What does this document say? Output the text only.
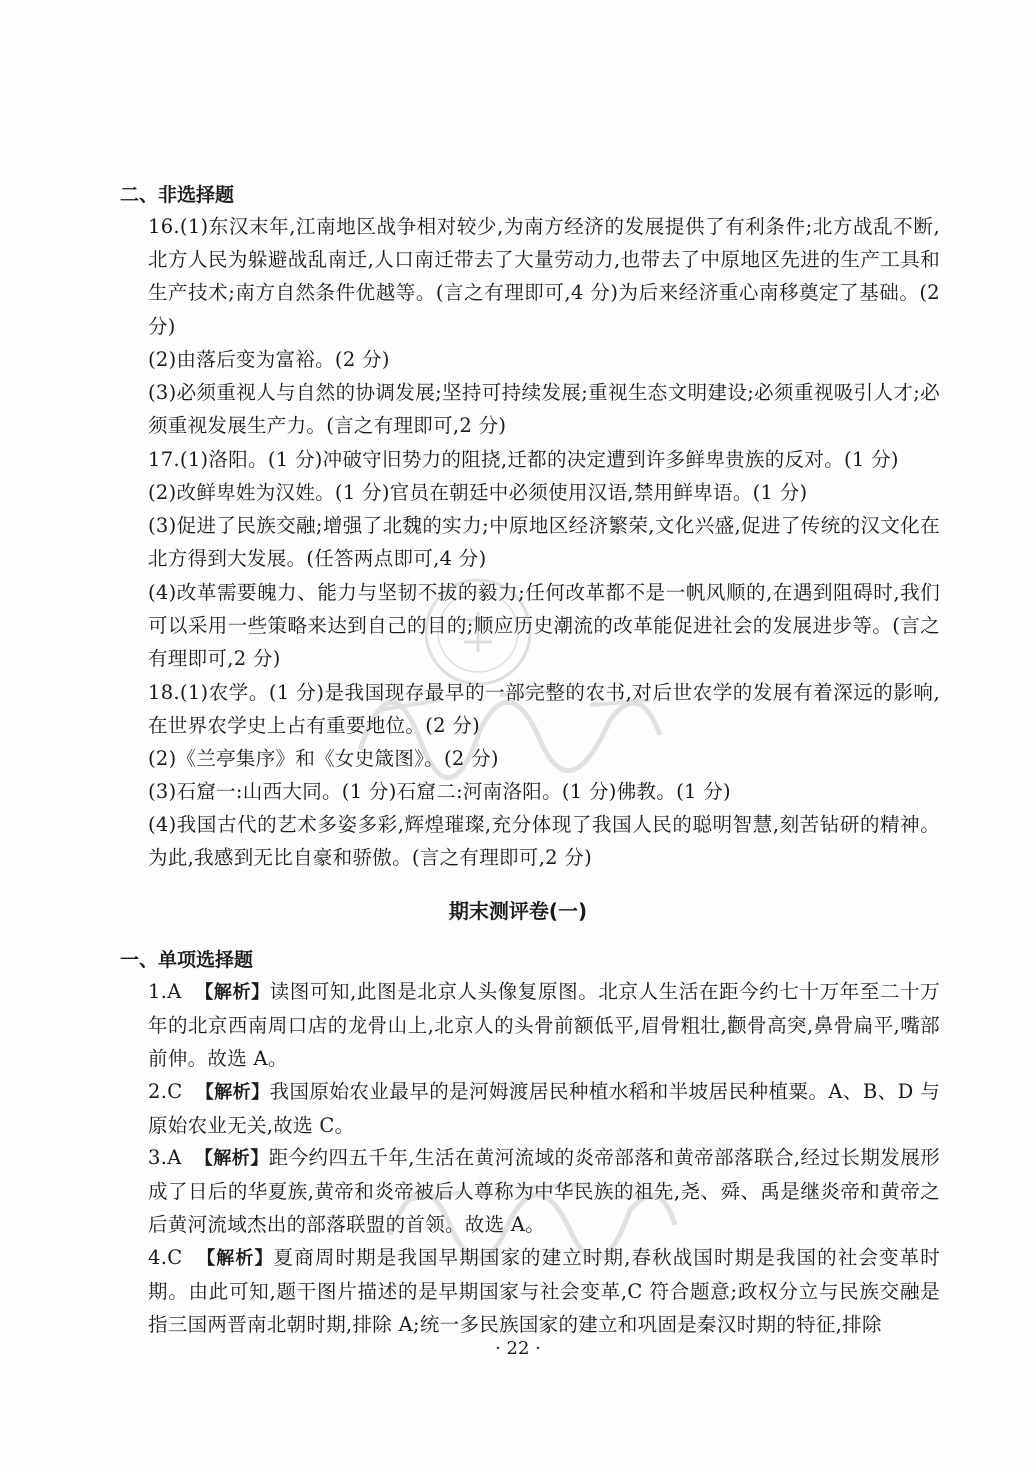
二、非选择题

16.(1)东汉末年,江南地区战争相对较少,为南方经济的发展提供了有利条件;北方战乱不断,北方人民为躲避战乱南迁,人口南迁带去了大量劳动力,也带去了中原地区先进的生产工具和生产技术;南方自然条件优越等。(言之有理即可,4 分)为后来经济重心南移奠定了基础。(2 分)

(2)由落后变为富裕。(2 分)

(3)必须重视人与自然的协调发展;坚持可持续发展;重视生态文明建设;必须重视吸引人才;必须重视发展生产力。(言之有理即可,2 分)

17.(1)洛阳。(1 分)冲破守旧势力的阻挠,迁都的决定遭到许多鲜卑贵族的反对。(1 分)

(2)改鲜卑姓为汉姓。(1 分)官员在朝廷中必须使用汉语,禁用鲜卑语。(1 分)

(3)促进了民族交融;增强了北魏的实力;中原地区经济繁荣,文化兴盛,促进了传统的汉文化在北方得到大发展。(任答两点即可,4 分)

(4)改革需要魄力、能力与坚韧不拔的毅力;任何改革都不是一帆风顺的,在遇到阻碍时,我们可以采用一些策略来达到自己的目的;顺应历史潮流的改革能促进社会的发展进步等。(言之有理即可,2 分)

18.(1)农学。(1 分)是我国现存最早的一部完整的农书,对后世农学的发展有着深远的影响,在世界农学史上占有重要地位。(2 分)

(2)《兰亭集序》和《女史箴图》。(2 分)

(3)石窟一:山西大同。(1 分)石窟二:河南洛阳。(1 分)佛教。(1 分)

(4)我国古代的艺术多姿多彩,辉煌璀璨,充分体现了我国人民的聪明智慧,刻苦钻研的精神。为此,我感到无比自豪和骄傲。(言之有理即可,2 分)

期末测评卷(一)
一、单项选择题

1.A 【解析】读图可知,此图是北京人头像复原图。北京人生活在距今约七十万年至二十万年的北京西南周口店的龙骨山上,北京人的头骨前额低平,眉骨粗壮,颧骨高突,鼻骨扁平,嘴部前伸。故选 A。

2.C 【解析】我国原始农业最早的是河姆渡居民种植水稻和半坡居民种植粟。A、B、D 与原始农业无关,故选 C。

3.A 【解析】距今约四五千年,生活在黄河流域的炎帝部落和黄帝部落联合,经过长期发展形成了日后的华夏族,黄帝和炎帝被后人尊称为中华民族的祖先,尧、舜、禹是继炎帝和黄帝之后黄河流域杰出的部落联盟的首领。故选 A。

4.C 【解析】夏商周时期是我国早期国家的建立时期,春秋战国时期是我国的社会变革时期。由此可知,题干图片描述的是早期国家与社会变革,C 符合题意;政权分立与民族交融是指三国两晋南北朝时期,排除 A;统一多民族国家的建立和巩固是秦汉时期的特征,排除

· 22 ·
